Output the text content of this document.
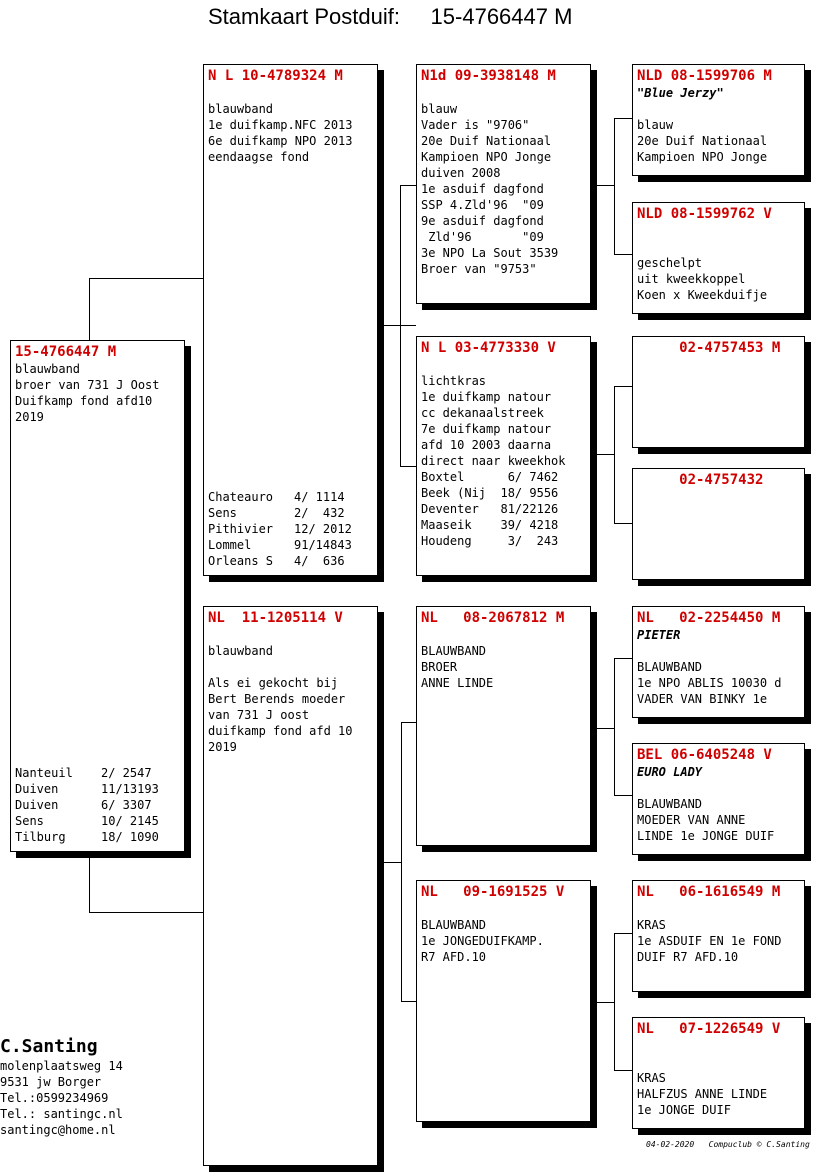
Stamkaart Postduif: 15-4766447 M
15-4766447 M
blauwband
broer van 731 J Oost
Duifkamp fond afd10
2019
Nanteuil	2/ 2547
Duiven	11/13193
Duiven	6/ 3307
Sens	10/ 2145
Tilburg	18/ 1090
N L 10-4789324 M

blauwband
1e duifkamp.NFC 2013
6e duifkamp NPO 2013
eendaagse fond
Chateauro	4/ 1114
Sens	2/  432
Pithivier	12/ 2012
Lommel	91/14843
Orleans S	4/  636
NL  11-1205114 V

blauwband

Als ei gekocht bij
Bert Berends moeder
van 731 J oost
duifkamp fond afd 10
2019
N1d 09-3938148 M

blauw
Vader is "9706"
20e Duif Nationaal
Kampioen NPO Jonge
duiven 2008
1e asduif dagfond
SSP 4.Zld'96  "09
9e asduif dagfond
Zld'96       "09
3e NPO La Sout 3539
Broer van "9753"
N L 03-4773330 V

lichtkras
1e duifkamp natour
cc dekanaalstreek
7e duifkamp natour
afd 10 2003 daarna
direct naar kweekhok
Boxtel      6/ 7462
Beek (Nij  18/ 9556
Deventer   81/22126
Maaseik    39/ 4218
Houdeng     3/  243
NL   08-2067812 M

BLAUWBAND
BROER
ANNE LINDE
NL   09-1691525 V

BLAUWBAND
1e JONGEDUIFKAMP.
R7 AFD.10
NLD 08-1599706 M
"Blue Jerzy"

blauw
20e Duif Nationaal
Kampioen NPO Jonge
NLD 08-1599762 V

geschelpt
uit kweekkoppel
Koen x Kweekduifje
02-4757453 M
02-4757432
NL   02-2254450 M
PIETER

BLAUWBAND
1e NPO ABLIS 10030 d
VADER VAN BINKY 1e
BEL 06-6405248 V
EURO LADY

BLAUWBAND
MOEDER VAN ANNE
LINDE 1e JONGE DUIF
NL   06-1616549 M

KRAS
1e ASDUIF EN 1e FOND
DUIF R7 AFD.10
NL   07-1226549 V

KRAS
HALFZUS ANNE LINDE
1e JONGE DUIF
C.Santing
molenplaatsweg 14
9531 jw Borger
Tel.:0599234969
Tel.: santingc.nl
santingc@home.nl
04-02-2020 Compuclub © C.Santing
